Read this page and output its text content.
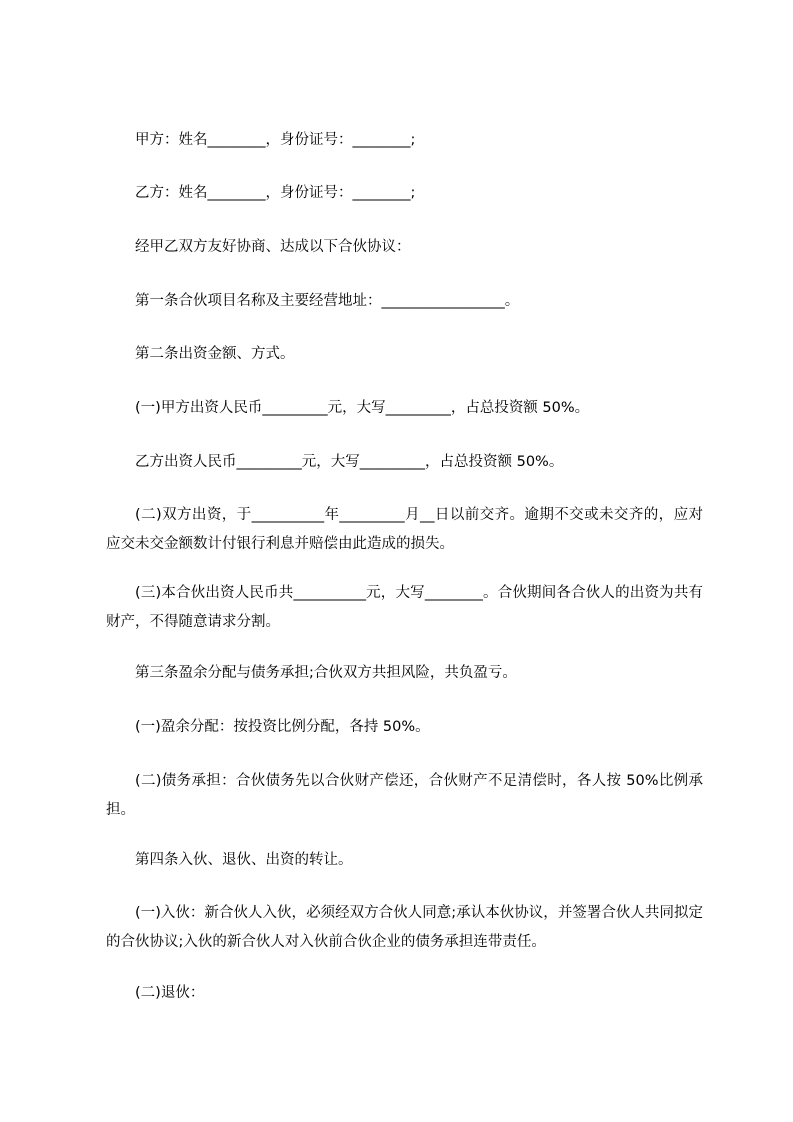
甲方：姓名________，身份证号：________;
乙方：姓名________，身份证号：________;
经甲乙双方友好协商、达成以下合伙协议：
第一条合伙项目名称及主要经营地址：_________________。
第二条出资金额、方式。
(一)甲方出资人民币_________元，大写_________，占总投资额 50%。
乙方出资人民币_________元，大写_________，占总投资额 50%。
(二)双方出资，于__________年_________月__日以前交齐。逾期不交或未交齐的，应对应交未交金额数计付银行利息并赔偿由此造成的损失。
(三)本合伙出资人民币共__________元，大写________。合伙期间各合伙人的出资为共有财产，不得随意请求分割。
第三条盈余分配与债务承担;合伙双方共担风险，共负盈亏。
(一)盈余分配：按投资比例分配，各持 50%。
(二)债务承担：合伙债务先以合伙财产偿还，合伙财产不足清偿时，各人按 50%比例承担。
第四条入伙、退伙、出资的转让。
(一)入伙：新合伙人入伙，必须经双方合伙人同意;承认本伙协议，并签署合伙人共同拟定的合伙协议;入伙的新合伙人对入伙前合伙企业的债务承担连带责任。
(二)退伙：
